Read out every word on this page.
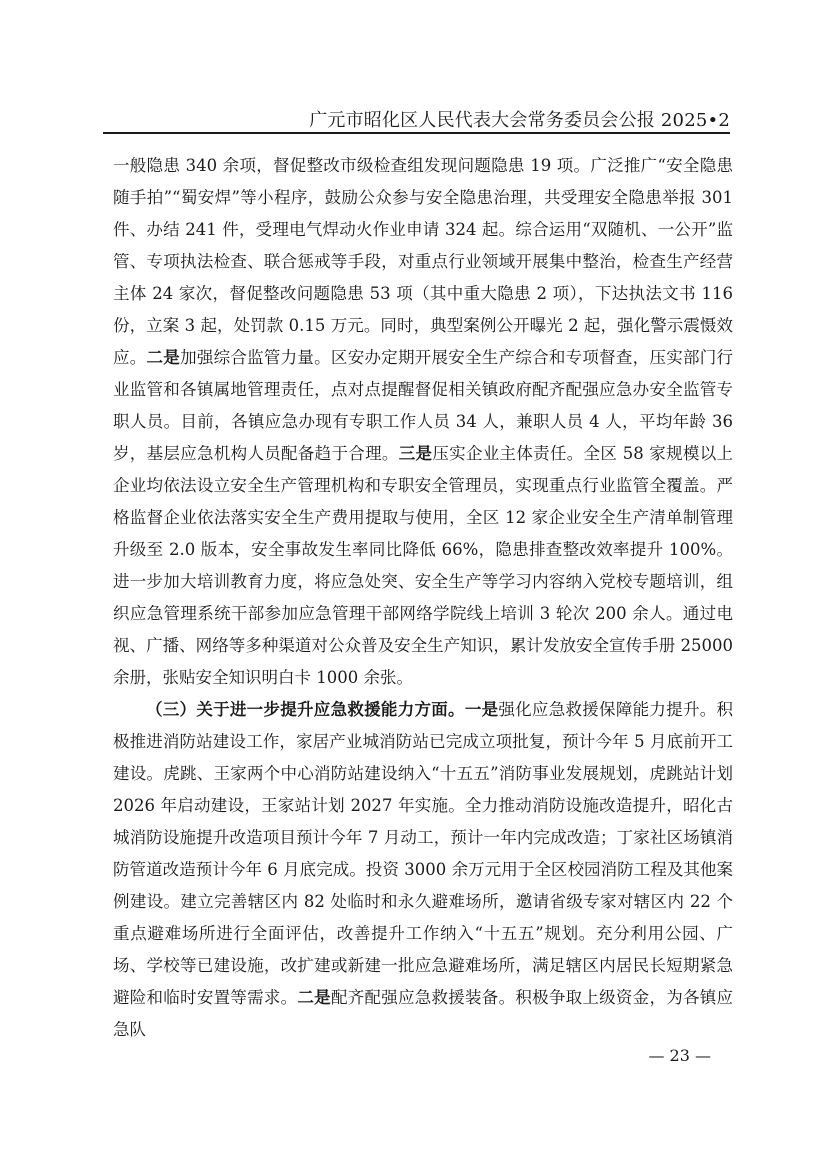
广元市昭化区人民代表大会常务委员会公报 2025•2

一般隐患 340 余项，督促整改市级检查组发现问题隐患 19 项。广泛推广“安全隐患随手拍”“蜀安焊”等小程序，鼓励公众参与安全隐患治理，共受理安全隐患举报 301 件、办结 241 件，受理电气焊动火作业申请 324 起。综合运用“双随机、一公开”监管、专项执法检查、联合惩戒等手段，对重点行业领域开展集中整治，检查生产经营主体 24 家次，督促整改问题隐患 53 项（其中重大隐患 2 项），下达执法文书 116 份，立案 3 起，处罚款 0.15 万元。同时，典型案例公开曝光 2 起，强化警示震慑效应。二是加强综合监管力量。区安办定期开展安全生产综合和专项督查，压实部门行业监管和各镇属地管理责任，点对点提醒督促相关镇政府配齐配强应急办安全监管专职人员。目前，各镇应急办现有专职工作人员 34 人，兼职人员 4 人，平均年龄 36 岁，基层应急机构人员配备趋于合理。三是压实企业主体责任。全区 58 家规模以上企业均依法设立安全生产管理机构和专职安全管理员，实现重点行业监管全覆盖。严格监督企业依法落实安全生产费用提取与使用，全区 12 家企业安全生产清单制管理升级至 2.0 版本，安全事故发生率同比降低 66%，隐患排查整改效率提升 100%。进一步加大培训教育力度，将应急处突、安全生产等学习内容纳入党校专题培训，组织应急管理系统干部参加应急管理干部网络学院线上培训 3 轮次 200 余人。通过电视、广播、网络等多种渠道对公众普及安全生产知识，累计发放安全宣传手册 25000 余册，张贴安全知识明白卡 1000 余张。

（三）关于进一步提升应急救援能力方面。一是强化应急救援保障能力提升。积极推进消防站建设工作，家居产业城消防站已完成立项批复，预计今年 5 月底前开工建设。虎跳、王家两个中心消防站建设纳入“十五五”消防事业发展规划，虎跳站计划 2026 年启动建设，王家站计划 2027 年实施。全力推动消防设施改造提升，昭化古城消防设施提升改造项目预计今年 7 月动工，预计一年内完成改造；丁家社区场镇消防管道改造预计今年 6 月底完成。投资 3000 余万元用于全区校园消防工程及其他案例建设。建立完善辖区内 82 处临时和永久避难场所，邀请省级专家对辖区内 22 个重点避难场所进行全面评估，改善提升工作纳入“十五五”规划。充分利用公园、广场、学校等已建设施，改扩建或新建一批应急避难场所，满足辖区内居民长短期紧急避险和临时安置等需求。二是配齐配强应急救援装备。积极争取上级资金，为各镇应急队

— 23 —
